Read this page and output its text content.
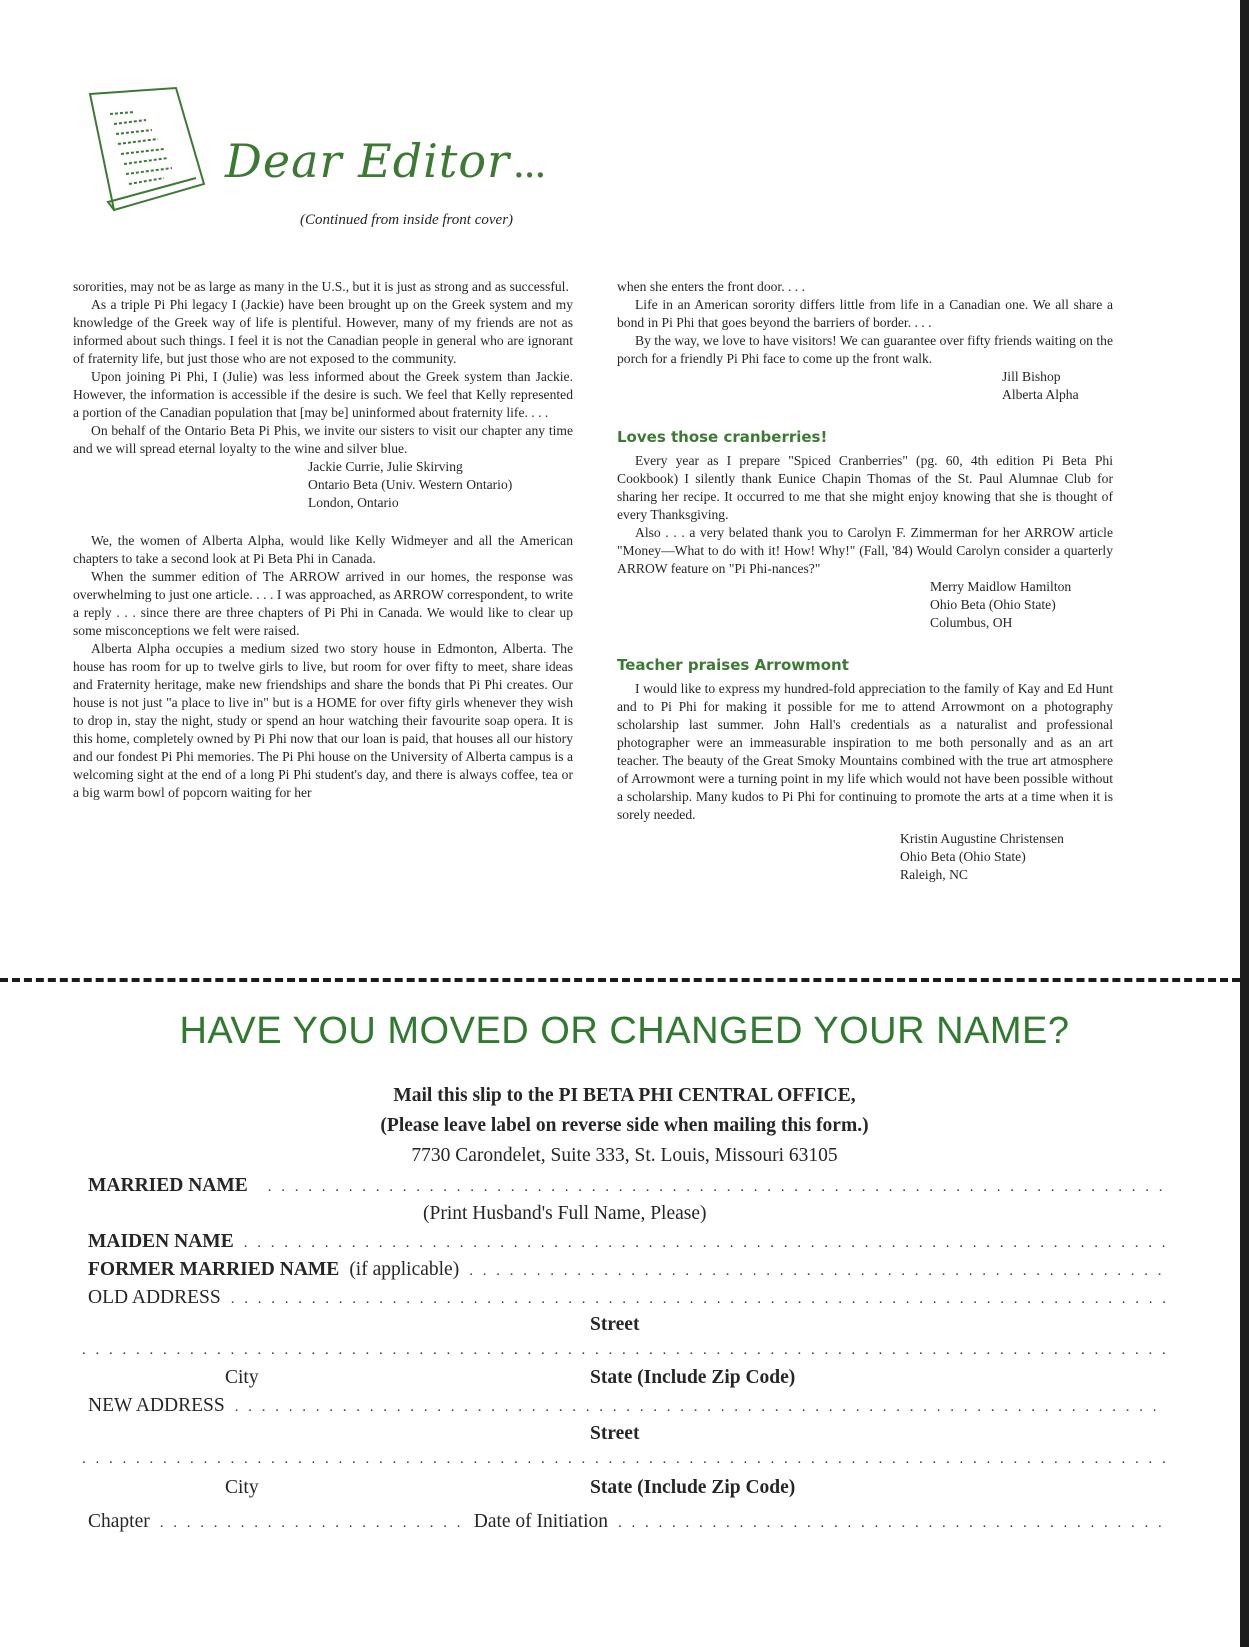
Dear Editor ...
(Continued from inside front cover)

sororities, may not be as large as many in the U.S., but it is just as strong and as successful.

As a triple Pi Phi legacy I (Jackie) have been brought up on the Greek system and my knowledge of the Greek way of life is plentiful. However, many of my friends are not as informed about such things. I feel it is not the Canadian people in general who are ignorant of fraternity life, but just those who are not exposed to the community.

Upon joining Pi Phi, I (Julie) was less informed about the Greek system than Jackie. However, the information is accessible if the desire is such. We feel that Kelly represented a portion of the Canadian population that [may be] uninformed about fraternity life. . . .

On behalf of the Ontario Beta Pi Phis, we invite our sisters to visit our chapter any time and we will spread eternal loyalty to the wine and silver blue.

Jackie Currie, Julie Skirving
Ontario Beta (Univ. Western Ontario)
London, Ontario

We, the women of Alberta Alpha, would like Kelly Widmeyer and all the American chapters to take a second look at Pi Beta Phi in Canada.

When the summer edition of The ARROW arrived in our homes, the response was overwhelming to just one article. . . . I was approached, as ARROW correspondent, to write a reply . . . since there are three chapters of Pi Phi in Canada. We would like to clear up some misconceptions we felt were raised.

Alberta Alpha occupies a medium sized two story house in Edmonton, Alberta. The house has room for up to twelve girls to live, but room for over fifty to meet, share ideas and Fraternity heritage, make new friendships and share the bonds that Pi Phi creates. Our house is not just "a place to live in" but is a HOME for over fifty girls whenever they wish to drop in, stay the night, study or spend an hour watching their favourite soap opera. It is this home, completely owned by Pi Phi now that our loan is paid, that houses all our history and our fondest Pi Phi memories. The Pi Phi house on the University of Alberta campus is a welcoming sight at the end of a long Pi Phi student's day, and there is always coffee, tea or a big warm bowl of popcorn waiting for her

when she enters the front door. . . .

Life in an American sorority differs little from life in a Canadian one. We all share a bond in Pi Phi that goes beyond the barriers of border. . . .

By the way, we love to have visitors! We can guarantee over fifty friends waiting on the porch for a friendly Pi Phi face to come up the front walk.

Jill Bishop
Alberta Alpha
Loves those cranberries!

Every year as I prepare "Spiced Cranberries" (pg. 60, 4th edition Pi Beta Phi Cookbook) I silently thank Eunice Chapin Thomas of the St. Paul Alumnae Club for sharing her recipe. It occurred to me that she might enjoy knowing that she is thought of every Thanksgiving.

Also . . . a very belated thank you to Carolyn F. Zimmerman for her ARROW article "Money—What to do with it! How! Why!" (Fall, '84) Would Carolyn consider a quarterly ARROW feature on "Pi Phi-nances?"

Merry Maidlow Hamilton
Ohio Beta (Ohio State)
Columbus, OH
Teacher praises Arrowmont

I would like to express my hundred-fold appreciation to the family of Kay and Ed Hunt and to Pi Phi for making it possible for me to attend Arrowmont on a photography scholarship last summer. John Hall's credentials as a naturalist and professional photographer were an immeasurable inspiration to me both personally and as an art teacher. The beauty of the Great Smoky Mountains combined with the true art atmosphere of Arrowmont were a turning point in my life which would not have been possible without a scholarship. Many kudos to Pi Phi for continuing to promote the arts at a time when it is sorely needed.

Kristin Augustine Christensen
Ohio Beta (Ohio State)
Raleigh, NC
HAVE YOU MOVED OR CHANGED YOUR NAME?
Mail this slip to the PI BETA PHI CENTRAL OFFICE,
(Please leave label on reverse side when mailing this form.)
7730 Carondelet, Suite 333, St. Louis, Missouri 63105
MARRIED NAME
. . .
(Print Husband's Full Name, Please)
MAIDEN NAME
. . .
FORMER MARRIED NAME (if applicable)
. . .
OLD ADDRESS
. . .
Street
. . .
City	State (Include Zip Code)
NEW ADDRESS
. . .
Street
. . .
City	State (Include Zip Code)
Chapter
. . .	Date of Initiation
. . .
